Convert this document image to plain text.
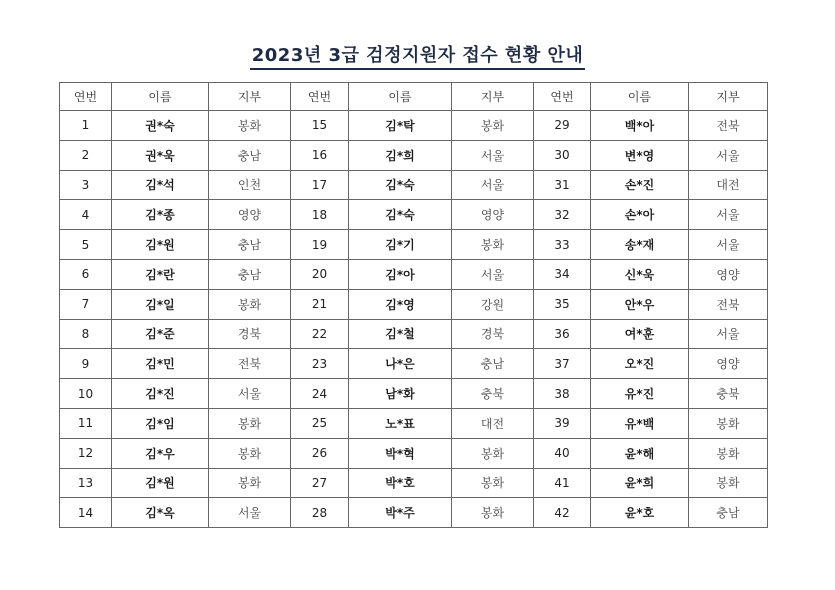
2023년 3급 검정지원자 접수 현황 안내
연번	이름	지부	연번	이름	지부	연번	이름	지부
1	권*숙	봉화	15	김*탁	봉화	29	백*아	전북
2	권*욱	충남	16	김*희	서울	30	변*영	서울
3	김*석	인천	17	김*숙	서울	31	손*진	대전
4	김*종	영양	18	김*숙	영양	32	손*아	서울
5	김*원	충남	19	김*기	봉화	33	송*재	서울
6	김*란	충남	20	김*아	서울	34	신*욱	영양
7	김*일	봉화	21	김*영	강원	35	안*우	전북
8	김*준	경북	22	김*철	경북	36	여*훈	서울
9	김*민	전북	23	나*은	충남	37	오*진	영양
10	김*진	서울	24	남*화	충북	38	유*진	충북
11	김*임	봉화	25	노*표	대전	39	유*백	봉화
12	김*우	봉화	26	박*혁	봉화	40	윤*해	봉화
13	김*원	봉화	27	박*호	봉화	41	윤*희	봉화
14	김*옥	서울	28	박*주	봉화	42	윤*호	충남
